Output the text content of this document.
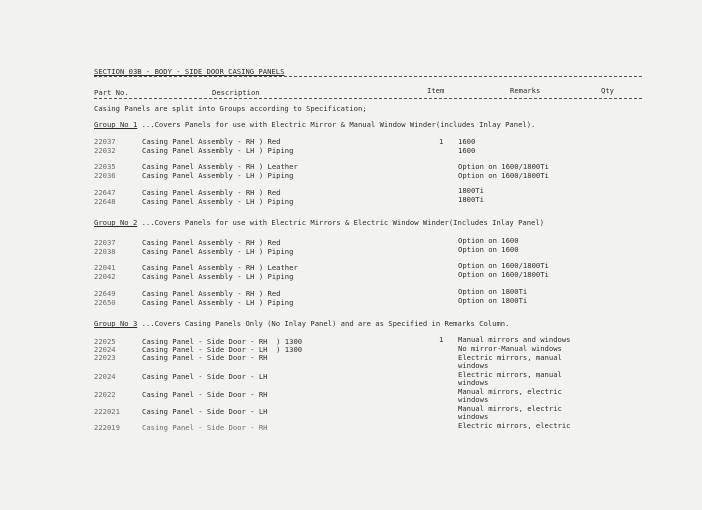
SECTION 03B - BODY - SIDE DOOR CASING PANELS
Part No.	Description	Item	Remarks	Qty
Casing Panels are split into Groups according to Specification;
Group No 1 ...Covers Panels for use with Electric Mirror & Manual Window Winder(includes Inlay Panel).
22037	Casing Panel Assembly - RH ) Red	1 1600
22032	Casing Panel Assembly - LH ) Piping	1600
22035	Casing Panel Assembly - RH ) Leather	Option on 1600/1800Ti
22036	Casing Panel Assembly - LH ) Piping	Option on 1600/1800Ti
22647	Casing Panel Assembly - RH ) Red	1800Ti
22648	Casing Panel Assembly - LH ) Piping	1800Ti
Group No 2 ...Covers Panels for use with Electric Mirrors & Electric Window Winder(Includes Inlay Panel)
22037	Casing Panel Assembly - RH ) Red	Option on 1600
22038	Casing Panel Assembly - LH ) Piping	Option on 1600
22041	Casing Panel Assembly - RH ) Leather	Option on 1600/1800Ti
22042	Casing Panel Assembly - LH ) Piping	Option on 1600/1800Ti
22649	Casing Panel Assembly - RH ) Red	Option on 1800Ti
22650	Casing Panel Assembly - LH ) Piping	Option on 1800Ti
Group No 3 ...Covers Casing Panels Only (No Inlay Panel) and are as Specified in Remarks Column.
22025	Casing Panel - Side Door - RH  ) 1300	1 Manual mirrors and windows
22024	Casing Panel - Side Door - LH  ) 1300	No mirror-Manual windows
22023	Casing Panel - Side Door - RH	Electric mirrors, manual
windows
22024	Casing Panel - Side Door - LH	Electric mirrors, manual
windows
22022	Casing Panel - Side Door - RH	Manual mirrors, electric
windows
222021	Casing Panel - Side Door - LH	Manual mirrors, electric
windows
222019	Casing Panel - Side Door - RH	Electric mirrors, electric
